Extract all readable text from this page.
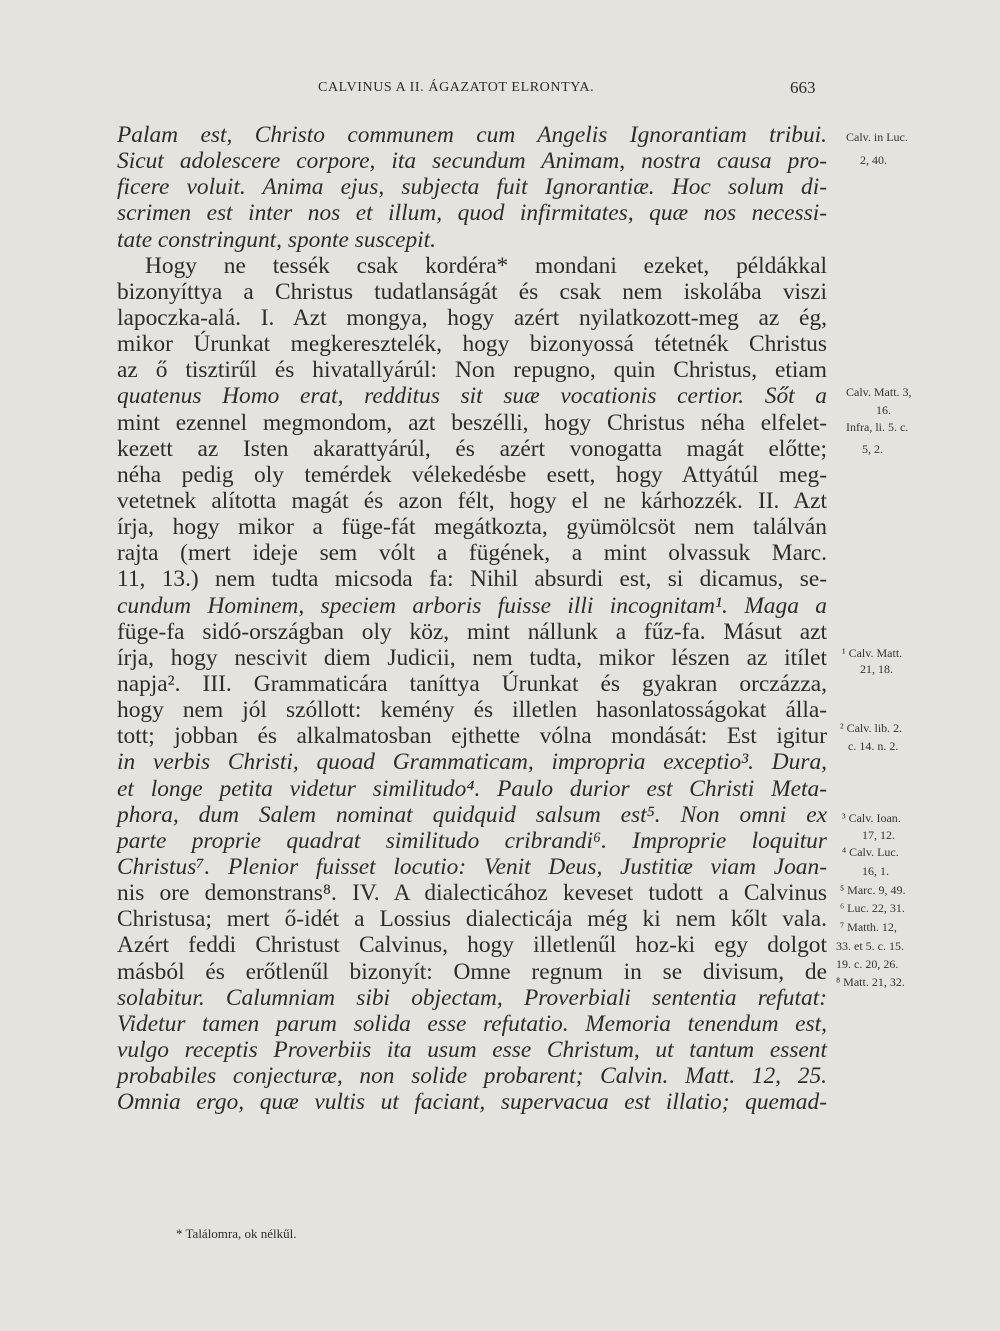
CALVINUS A II. ÁGAZATOT ELRONTYA.	663
Palam est, Christo communem cum Angelis Ignorantiam tribui.
Sicut adolescere corpore, ita secundum Animam, nostra causa pro-
ficere voluit. Anima ejus, subjecta fuit Ignorantiæ. Hoc solum di-
scrimen est inter nos et illum, quod infirmitates, quæ nos necessi-
tate constringunt, sponte suscepit.
Hogy ne tessék csak kordéra* mondani ezeket, példákkal
bizonyíttya a Christus tudatlanságát és csak nem iskolába viszi
lapoczka-alá. I. Azt mongya, hogy azért nyilatkozott-meg az ég,
mikor Úrunkat megkeresztelék, hogy bizonyossá tétetnék Christus
az ő tisztirűl és hivatallyárúl: Non repugno, quin Christus, etiam
quatenus Homo erat, redditus sit suæ vocationis certior. Sőt a
mint ezennel megmondom, azt beszélli, hogy Christus néha elfelet-
kezett az Isten akarattyárúl, és azért vonogatta magát előtte;
néha pedig oly temérdek vélekedésbe esett, hogy Attyátúl meg-
vetetnek alította magát és azon félt, hogy el ne kárhozzék. II. Azt
írja, hogy mikor a füge-fát megátkozta, gyümölcsöt nem találván
rajta (mert ideje sem vólt a fügének, a mint olvassuk Marc.
11, 13.) nem tudta micsoda fa: Nihil absurdi est, si dicamus, se-
cundum Hominem, speciem arboris fuisse illi incognitam¹. Maga a
füge-fa sidó-országban oly köz, mint nállunk a fűz-fa. Másut azt
írja, hogy nescivit diem Judicii, nem tudta, mikor lészen az itílet
napja². III. Grammaticára taníttya Úrunkat és gyakran orczázza,
hogy nem jól szóllott: kemény és illetlen hasonlatosságokat álla-
tott; jobban és alkalmatosban ejthette vólna mondását: Est igitur
in verbis Christi, quoad Grammaticam, impropria exceptio³. Dura,
et longe petita videtur similitudo⁴. Paulo durior est Christi Meta-
phora, dum Salem nominat quidquid salsum est⁵. Non omni ex
parte proprie quadrat similitudo cribrandi⁶. Improprie loquitur
Christus⁷. Plenior fuisset locutio: Venit Deus, Justitiæ viam Joan-
nis ore demonstrans⁸. IV. A dialecticához keveset tudott a Calvinus
Christusa; mert ő-idét a Lossius dialecticája még ki nem kőlt vala.
Azért feddi Christust Calvinus, hogy illetlenűl hoz-ki egy dolgot
másból és erőtlenűl bizonyít: Omne regnum in se divisum, de
solabitur. Calumniam sibi objectam, Proverbiali sententia refutat:
Videtur tamen parum solida esse refutatio. Memoria tenendum est,
vulgo receptis Proverbiis ita usum esse Christum, ut tantum essent
probabiles conjecturæ, non solide probarent; Calvin. Matt. 12, 25.
Omnia ergo, quæ vultis ut faciant, supervacua est illatio; quemad-
Calv. in Luc.
2, 40.
Calv. Matt. 3,
16.
Infra, li. 5. c.
5, 2.
¹ Calv. Matt.
21, 18.
² Calv. lib. 2.
c. 14. n. 2.
³ Calv. Ioan.
17, 12.
⁴ Calv. Luc.
16, 1.
⁵ Marc. 9, 49.
⁶ Luc. 22, 31.
⁷ Matth. 12,
33. et 5. c. 15.
19. c. 20, 26.
⁸ Matt. 21, 32.
* Találomra, ok nélkűl.
